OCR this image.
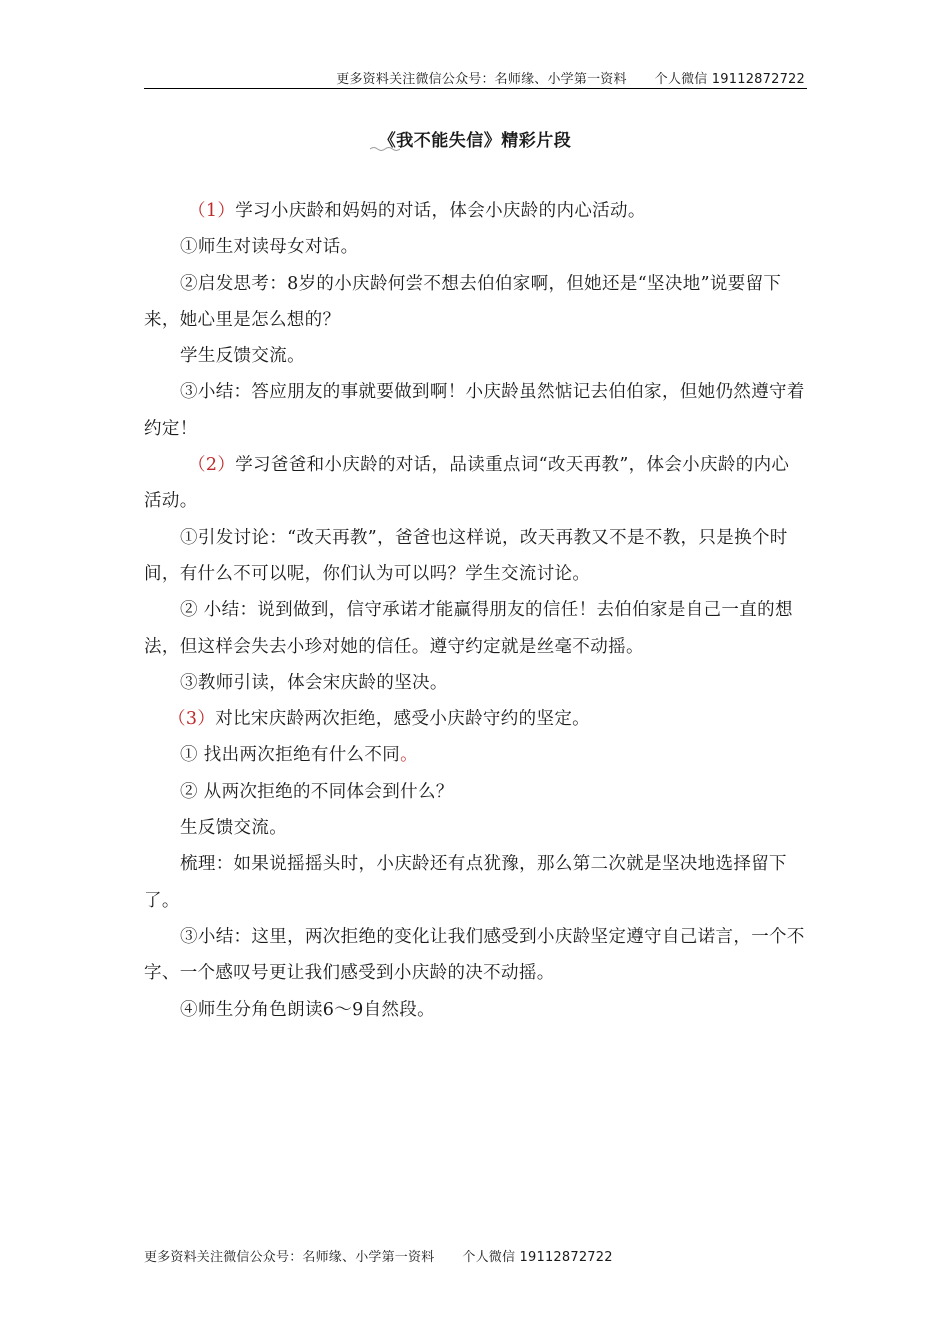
更多资料关注微信公众号：名师缘、小学第一资料 个人微信 19112872722
《我不能失信》精彩片段

（1）学习小庆龄和妈妈的对话，体会小庆龄的内心活动。

①师生对读母女对话。

②启发思考：8岁的小庆龄何尝不想去伯伯家啊，但她还是“坚决地”说要留下来，她心里是怎么想的？

学生反馈交流。

③小结：答应朋友的事就要做到啊！小庆龄虽然惦记去伯伯家，但她仍然遵守着约定！

（2）学习爸爸和小庆龄的对话，品读重点词“改天再教”，体会小庆龄的内心活动。

①引发讨论：“改天再教”，爸爸也这样说，改天再教又不是不教，只是换个时间，有什么不可以呢，你们认为可以吗？学生交流讨论。

② 小结：说到做到，信守承诺才能赢得朋友的信任！去伯伯家是自己一直的想法，但这样会失去小珍对她的信任。遵守约定就是丝毫不动摇。

③教师引读，体会宋庆龄的坚决。

（3）对比宋庆龄两次拒绝，感受小庆龄守约的坚定。

① 找出两次拒绝有什么不同。

② 从两次拒绝的不同体会到什么？

生反馈交流。

梳理：如果说摇摇头时，小庆龄还有点犹豫，那么第二次就是坚决地选择留下了。

③小结：这里，两次拒绝的变化让我们感受到小庆龄坚定遵守自己诺言，一个不字、一个感叹号更让我们感受到小庆龄的决不动摇。

④师生分角色朗读6～9自然段。

更多资料关注微信公众号：名师缘、小学第一资料 个人微信 19112872722
